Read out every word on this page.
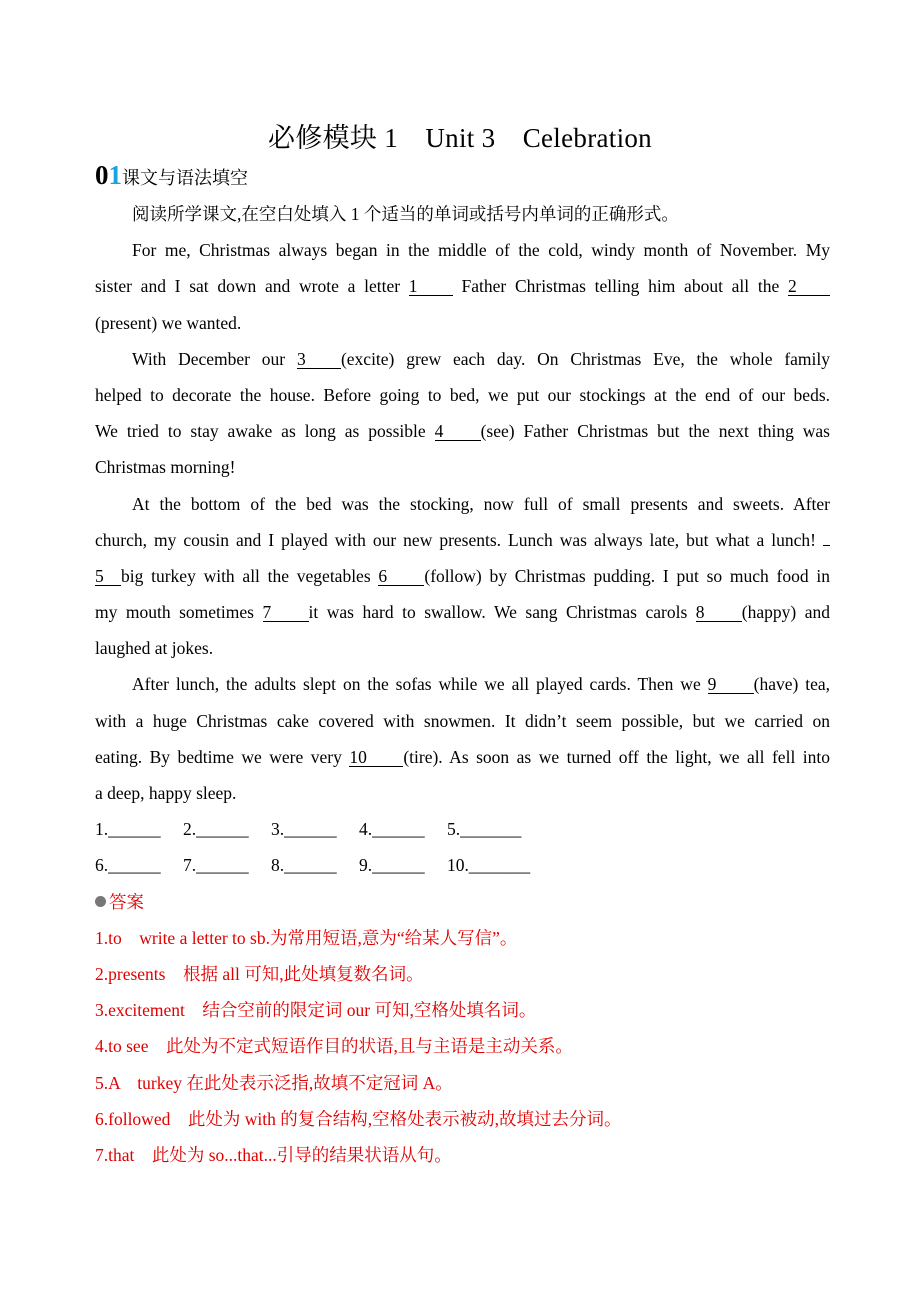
必修模块 1　Unit 3　Celebration
0 1 课文与语法填空
阅读所学课文,在空白处填入 1 个适当的单词或括号内单词的正确形式。
For me, Christmas always began in the middle of the cold, windy month of November. My
sister and I sat down and wrote a letter 1 Father Christmas telling him about all the 2
(present) we wanted.
With December our 3 (excite) grew each day. On Christmas Eve, the whole family
helped to decorate the house. Before going to bed, we put our stockings at the end of our beds.
We tried to stay awake as long as possible 4 (see) Father Christmas but the next thing was
Christmas morning!
At the bottom of the bed was the stocking, now full of small presents and sweets. After
church, my cousin and I played with our new presents. Lunch was always late, but what a lunch!
5 big turkey with all the vegetables 6 (follow) by Christmas pudding. I put so much food in
my mouth sometimes 7 it was hard to swallow. We sang Christmas carols 8 (happy) and
laughed at jokes.
After lunch, the adults slept on the sofas while we all played cards. Then we 9 (have) tea,
with a huge Christmas cake covered with snowmen. It didn’t seem possible, but we carried on
eating. By bedtime we were very 10 (tire). As soon as we turned off the light, we all fell into
a deep, happy sleep.
1.______	2.______	3.______	4.______	5._______
6.______	7.______	8.______	9.______	10._______
答案
1.to　write a letter to sb.为常用短语,意为“给某人写信”。
2.presents　根据 all 可知,此处填复数名词。
3.excitement　结合空前的限定词 our 可知,空格处填名词。
4.to see　此处为不定式短语作目的状语,且与主语是主动关系。
5.A　turkey 在此处表示泛指,故填不定冠词 A。
6.followed　此处为 with 的复合结构,空格处表示被动,故填过去分词。
7.that　此处为 so...that...引导的结果状语从句。
